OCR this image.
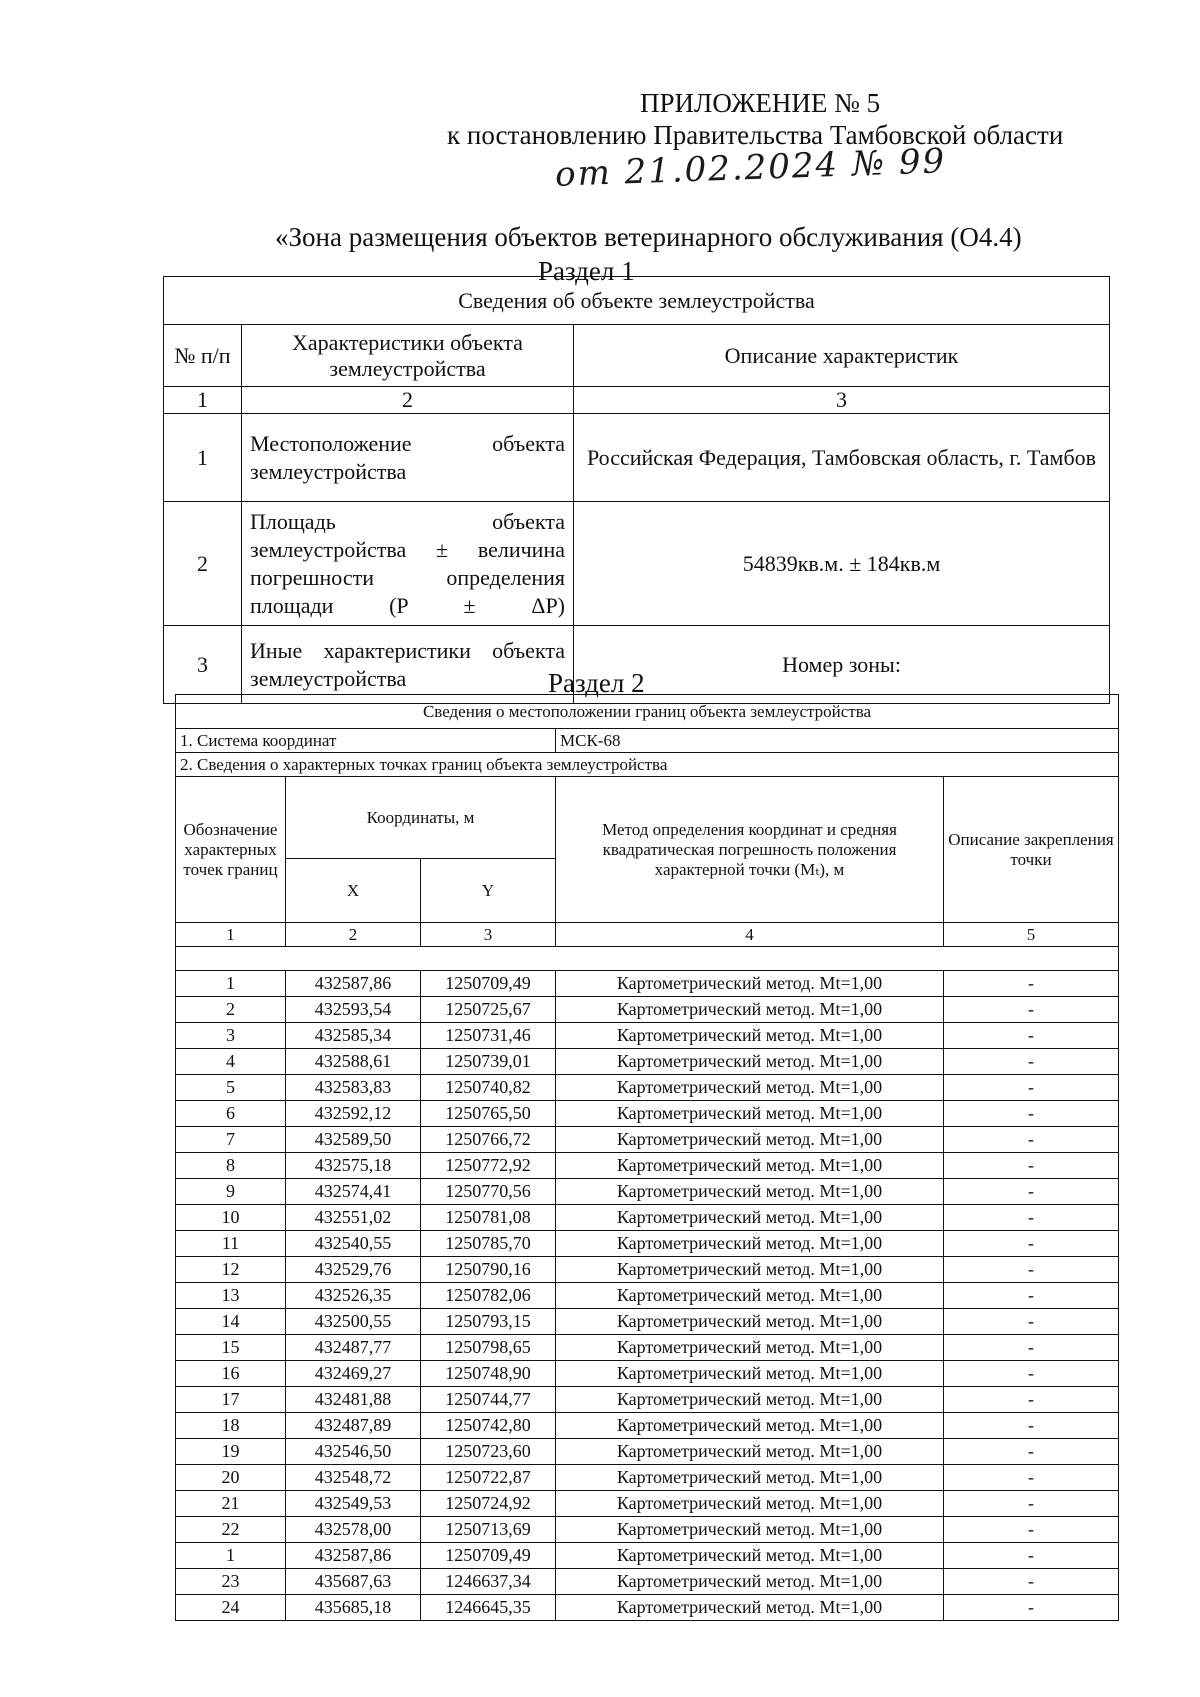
ПРИЛОЖЕНИЕ № 5
к постановлению Правительства Тамбовской области
от 21.02.2024 № 99
«Зона размещения объектов ветеринарного обслуживания (О4.4)
Раздел 1
Сведения об объекте землеустройства		
№ п/п	Характеристики объекта землеустройства	Описание характеристик
1	2	3
1	Местоположение объекта землеустройства	Российская Федерация, Тамбовская область, г. Тамбов
2	Площадь объекта землеустройства ± величина погрешности определения площади (P ± ΔP)	54839кв.м. ± 184кв.м
3	Иные характеристики объекта землеустройства	Номер зоны:
Раздел 2
Сведения о местоположении границ объекта землеустройства				
1. Система координат			МСК-68	
2. Сведения о характерных точках границ объекта землеустройства				
Обозначение характерных точек границ	Координаты, м		Метод определения координат и средняя квадратическая погрешность положения характерной точки (Mₜ), м	Описание закрепления точки
	X	Y		
1	2	3	4	5

1	432587,86	1250709,49	Картометрический метод. Mt=1,00	-
2	432593,54	1250725,67	Картометрический метод. Mt=1,00	-
3	432585,34	1250731,46	Картометрический метод. Mt=1,00	-
4	432588,61	1250739,01	Картометрический метод. Mt=1,00	-
5	432583,83	1250740,82	Картометрический метод. Mt=1,00	-
6	432592,12	1250765,50	Картометрический метод. Mt=1,00	-
7	432589,50	1250766,72	Картометрический метод. Mt=1,00	-
8	432575,18	1250772,92	Картометрический метод. Mt=1,00	-
9	432574,41	1250770,56	Картометрический метод. Mt=1,00	-
10	432551,02	1250781,08	Картометрический метод. Mt=1,00	-
11	432540,55	1250785,70	Картометрический метод. Mt=1,00	-
12	432529,76	1250790,16	Картометрический метод. Mt=1,00	-
13	432526,35	1250782,06	Картометрический метод. Mt=1,00	-
14	432500,55	1250793,15	Картометрический метод. Mt=1,00	-
15	432487,77	1250798,65	Картометрический метод. Mt=1,00	-
16	432469,27	1250748,90	Картометрический метод. Mt=1,00	-
17	432481,88	1250744,77	Картометрический метод. Mt=1,00	-
18	432487,89	1250742,80	Картометрический метод. Mt=1,00	-
19	432546,50	1250723,60	Картометрический метод. Mt=1,00	-
20	432548,72	1250722,87	Картометрический метод. Mt=1,00	-
21	432549,53	1250724,92	Картометрический метод. Mt=1,00	-
22	432578,00	1250713,69	Картометрический метод. Mt=1,00	-
1	432587,86	1250709,49	Картометрический метод. Mt=1,00	-
23	435687,63	1246637,34	Картометрический метод. Mt=1,00	-
24	435685,18	1246645,35	Картометрический метод. Mt=1,00	-
